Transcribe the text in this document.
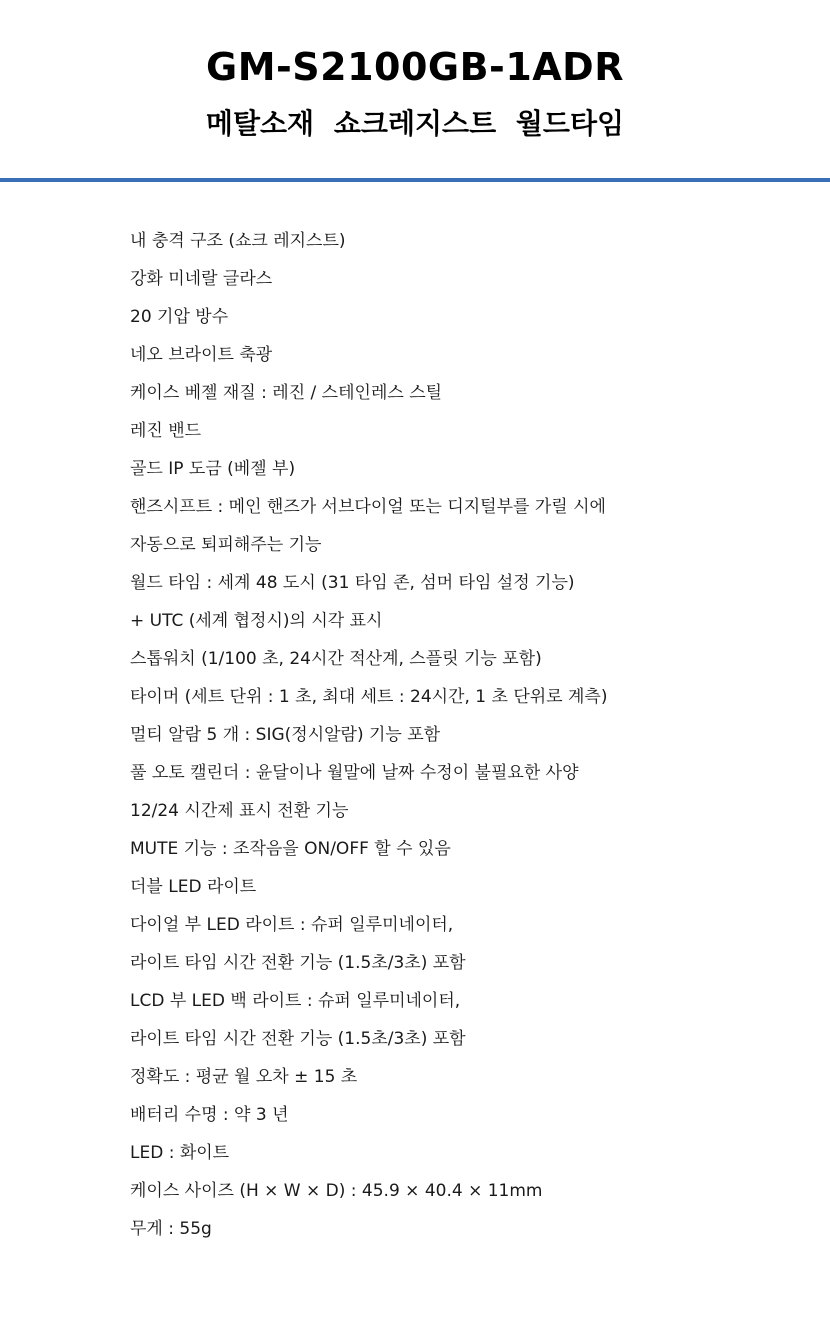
GM-S2100GB-1ADR
메탈소재 쇼크레지스트 월드타임
내 충격 구조 (쇼크 레지스트)
강화 미네랄 글라스
20 기압 방수
네오 브라이트 축광
케이스 베젤 재질 : 레진 / 스테인레스 스틸
레진 밴드
골드 IP 도금 (베젤 부)
핸즈시프트 : 메인 핸즈가 서브다이얼 또는 디지털부를 가릴 시에
자동으로 퇴피해주는 기능
월드 타임 : 세계 48 도시 (31 타임 존, 섬머 타임 설정 기능)
+ UTC (세계 협정시)의 시각 표시
스톱워치 (1/100 초, 24시간 적산계, 스플릿 기능 포함)
타이머 (세트 단위 : 1 초, 최대 세트 : 24시간, 1 초 단위로 계측)
멀티 알람 5 개 : SIG(정시알람) 기능 포함
풀 오토 캘린더 : 윤달이나 월말에 날짜 수정이 불필요한 사양
12/24 시간제 표시 전환 기능
MUTE 기능 : 조작음을 ON/OFF 할 수 있음
더블 LED 라이트
다이얼 부 LED 라이트 : 슈퍼 일루미네이터,
라이트 타임 시간 전환 기능 (1.5초/3초) 포함
LCD 부 LED 백 라이트 : 슈퍼 일루미네이터,
라이트 타임 시간 전환 기능 (1.5초/3초) 포함
정확도 : 평균 월 오차 ± 15 초
배터리 수명 : 약 3 년
LED : 화이트
케이스 사이즈 (H × W × D) : 45.9 × 40.4 × 11mm
무게 : 55g
